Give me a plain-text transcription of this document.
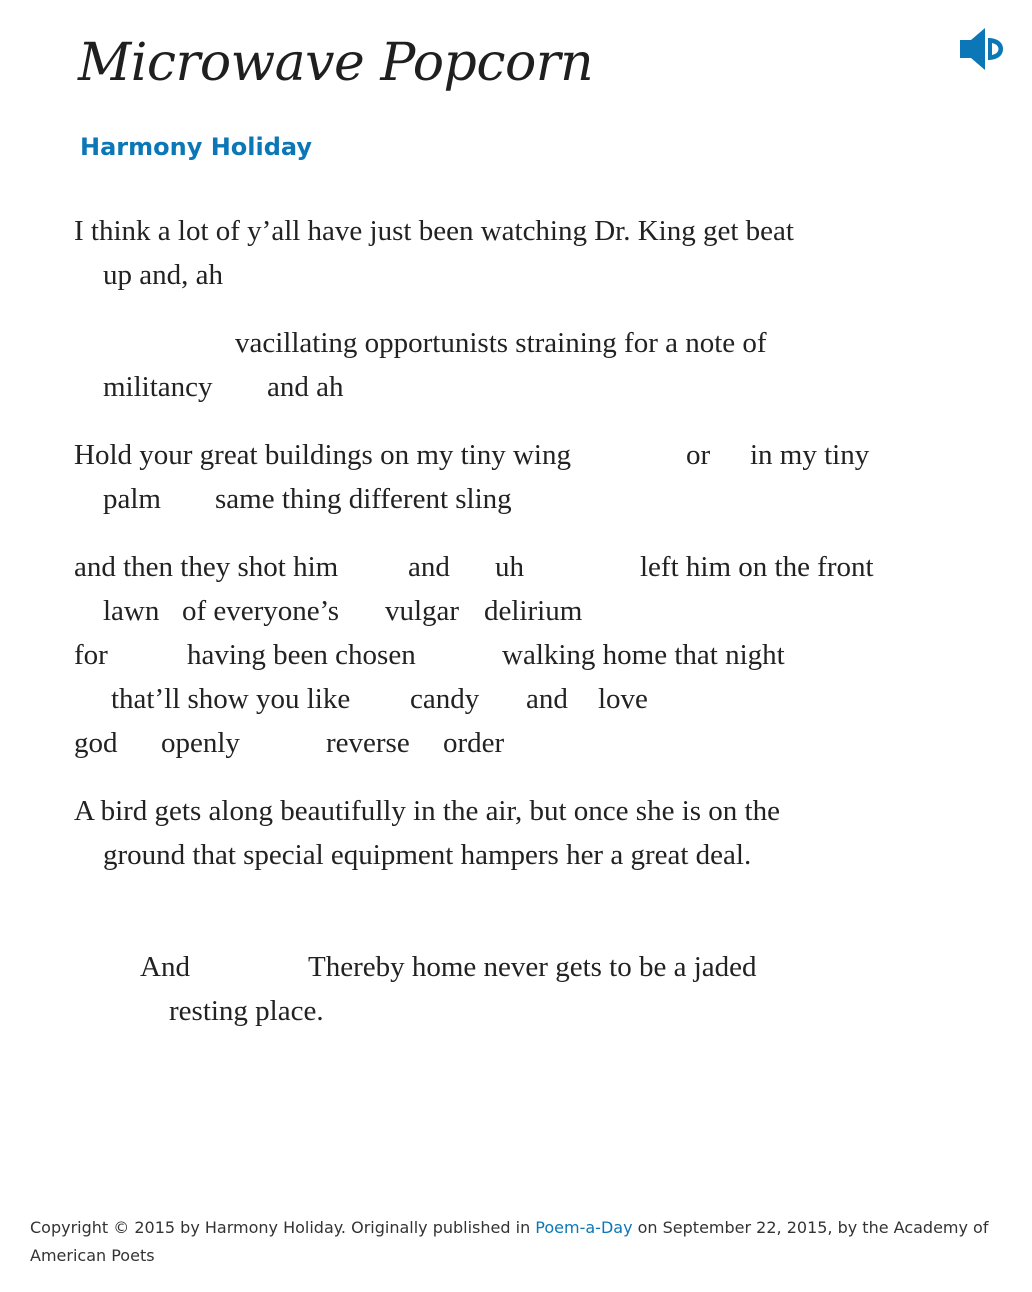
Microwave Popcorn
Harmony Holiday
I think a lot of y’all have just been watching Dr. King get beat
up and, ah
vacillating opportunists straining for a note of
militancy and ah
Hold your great buildings on my tiny wing	or in my tiny
palm same thing different sling
and then they shot him and uh	left him on the front
lawn of everyone’s vulgar delirium
for	having been chosen	walking home that night
that’ll show you like candy and love
god openly	reverse order
A bird gets along beautifully in the air, but once she is on the
ground that special equipment hampers her a great deal.
And	Thereby home never gets to be a jaded
resting place.
Copyright © 2015 by Harmony Holiday. Originally published in Poem-a-Day on September 22, 2015, by the Academy of American Poets
